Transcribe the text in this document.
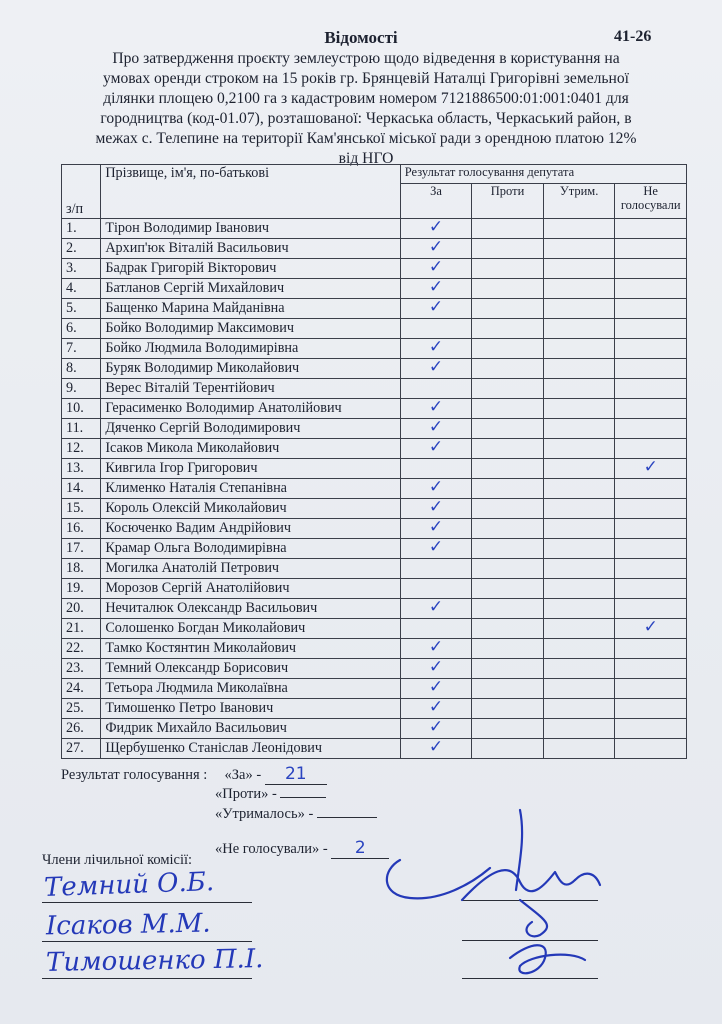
Відомості	41-26
Про затвердження проєкту землеустрою щодо відведення в користування на
умовах оренди строком на 15 років гр. Брянцевій Наталці Григорівні земельної
ділянки площею 0,2100 га з кадастровим номером 7121886500:01:001:0401 для
городництва (код-01.07), розташованої: Черкаська область, Черкаський район, в
межах с. Телепине на території Кам'янської міської ради з орендною платою 12%
від НГО
з/п	Прізвище, ім'я, по-батькові	Результат голосування депутата			
		За	Проти	Утрим.	Не голосували
1.	Тірон Володимир Іванович	✓			
2.	Архип'юк Віталій Васильович	✓			
3.	Бадрак Григорій Вікторович	✓			
4.	Батланов Сергій Михайлович	✓			
5.	Бащенко Марина Майданівна	✓			
6.	Бойко Володимир Максимович				
7.	Бойко Людмила Володимирівна	✓			
8.	Буряк Володимир Миколайович	✓			
9.	Верес Віталій Терентійович				
10.	Герасименко Володимир Анатолійович	✓			
11.	Дяченко Сергій Володимирович	✓			
12.	Ісаков Микола Миколайович	✓			
13.	Кивгила Ігор Григорович				✓
14.	Клименко Наталія Степанівна	✓			
15.	Король Олексій Миколайович	✓			
16.	Косюченко Вадим Андрійович	✓			
17.	Крамар Ольга Володимирівна	✓			
18.	Могилка Анатолій Петрович				
19.	Морозов Сергій Анатолійович				
20.	Нечиталюк Олександр Васильович	✓			
21.	Солошенко Богдан Миколайович				✓
22.	Тамко Костянтин Миколайович	✓			
23.	Темний Олександр Борисович	✓			
24.	Тетьора Людмила Миколаївна	✓			
25.	Тимошенко Петро Іванович	✓			
26.	Фидрик Михайло Васильович	✓			
27.	Щербушенко Станіслав Леонідович	✓			
Результат голосування : «За» - 21
«Проти» -
«Утрималось» -
«Не голосували» - 2
Члени лічильної комісії:
Темний О.Б.
Ісаков М.М.
Тимошенко П.І.
